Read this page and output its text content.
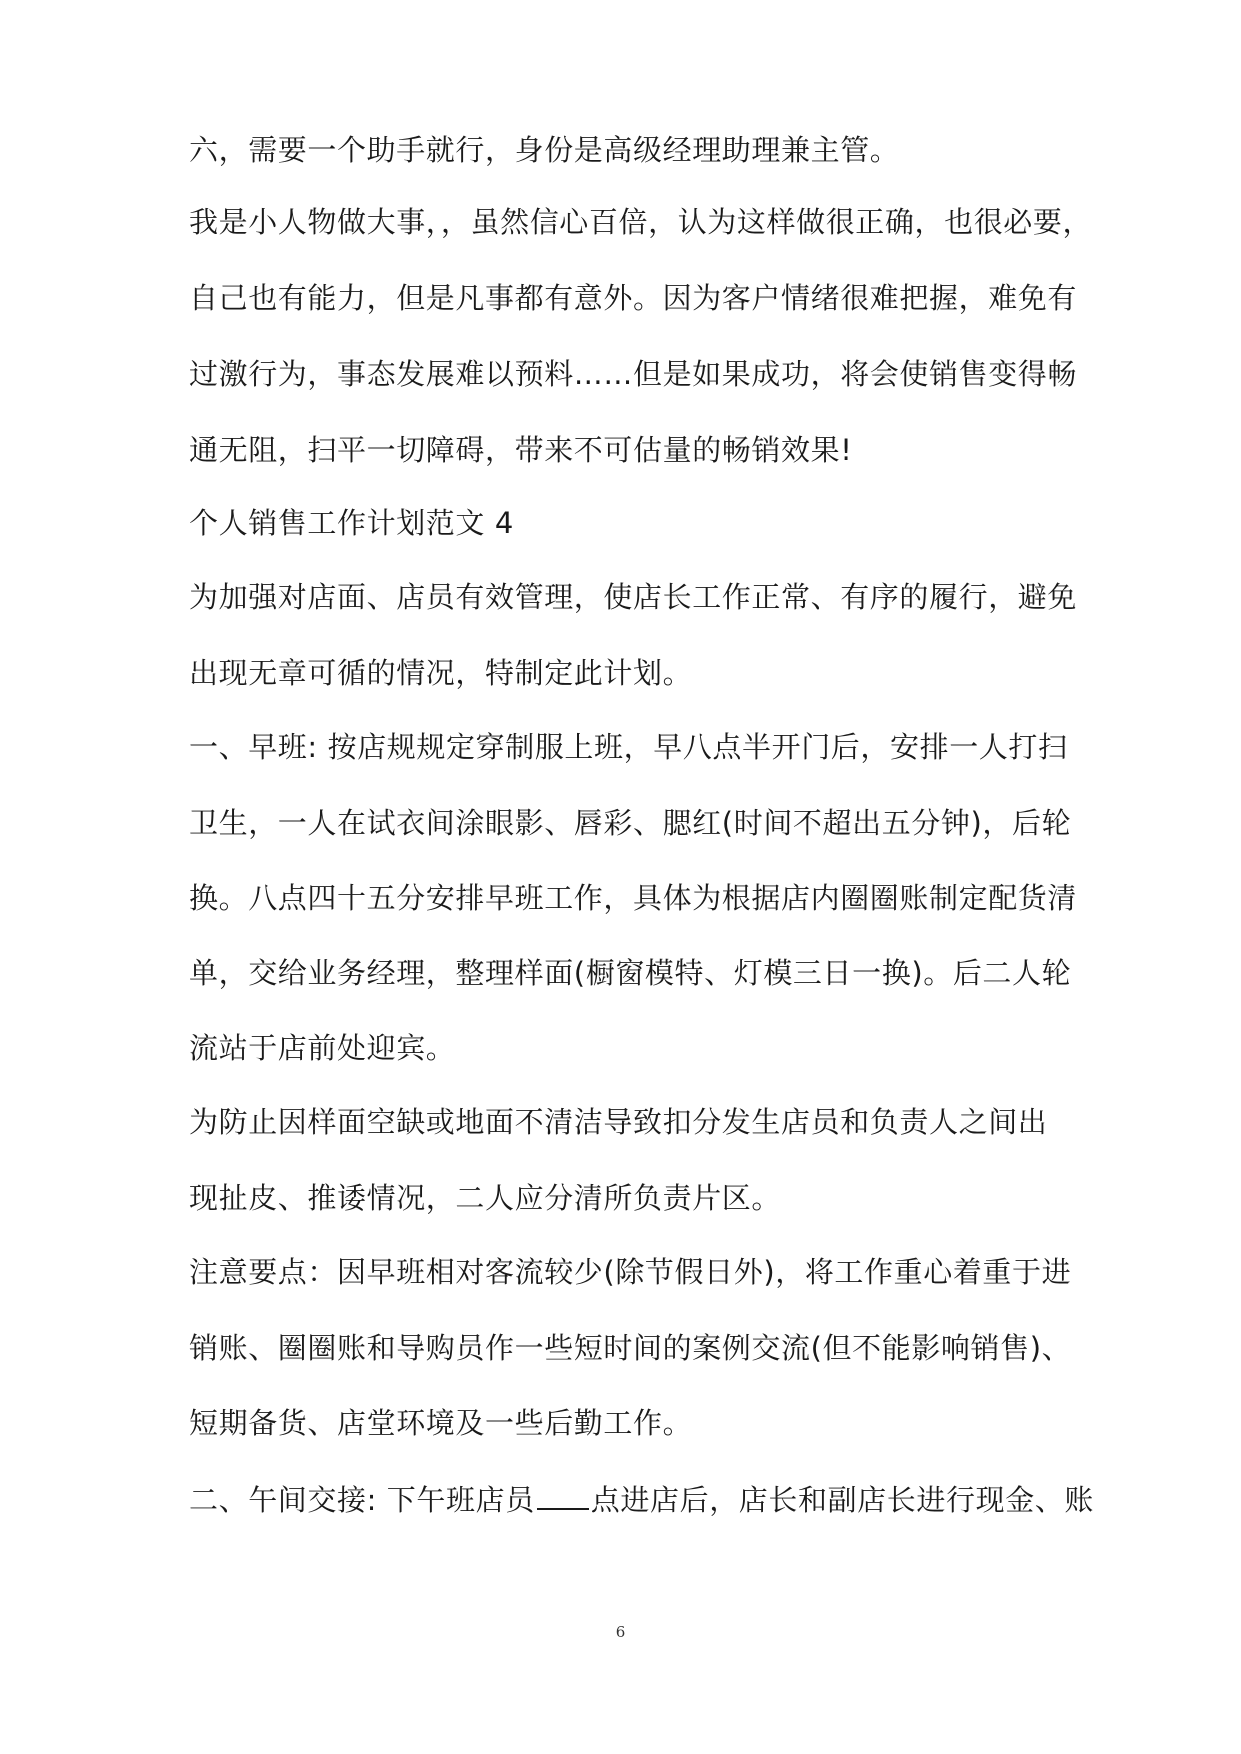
六，需要一个助手就行，身份是高级经理助理兼主管。

我是小人物做大事，，虽然信心百倍，认为这样做很正确，也很必要，

自己也有能力，但是凡事都有意外。因为客户情绪很难把握，难免有

过激行为，事态发展难以预料……但是如果成功，将会使销售变得畅

通无阻，扫平一切障碍，带来不可估量的畅销效果!

个人销售工作计划范文 4

为加强对店面、店员有效管理，使店长工作正常、有序的履行，避免

出现无章可循的情况，特制定此计划。

一、早班: 按店规规定穿制服上班，早八点半开门后，安排一人打扫

卫生，一人在试衣间涂眼影、唇彩、腮红(时间不超出五分钟)，后轮

换。八点四十五分安排早班工作，具体为根据店内圈圈账制定配货清

单，交给业务经理，整理样面(橱窗模特、灯模三日一换)。后二人轮

流站于店前处迎宾。

为防止因样面空缺或地面不清洁导致扣分发生店员和负责人之间出

现扯皮、推诿情况，二人应分清所负责片区。

注意要点：因早班相对客流较少(除节假日外)，将工作重心着重于进

销账、圈圈账和导购员作一些短时间的案例交流(但不能影响销售)、

短期备货、店堂环境及一些后勤工作。

二、午间交接: 下午班店员 点进店后，店长和副店长进行现金、账

6
